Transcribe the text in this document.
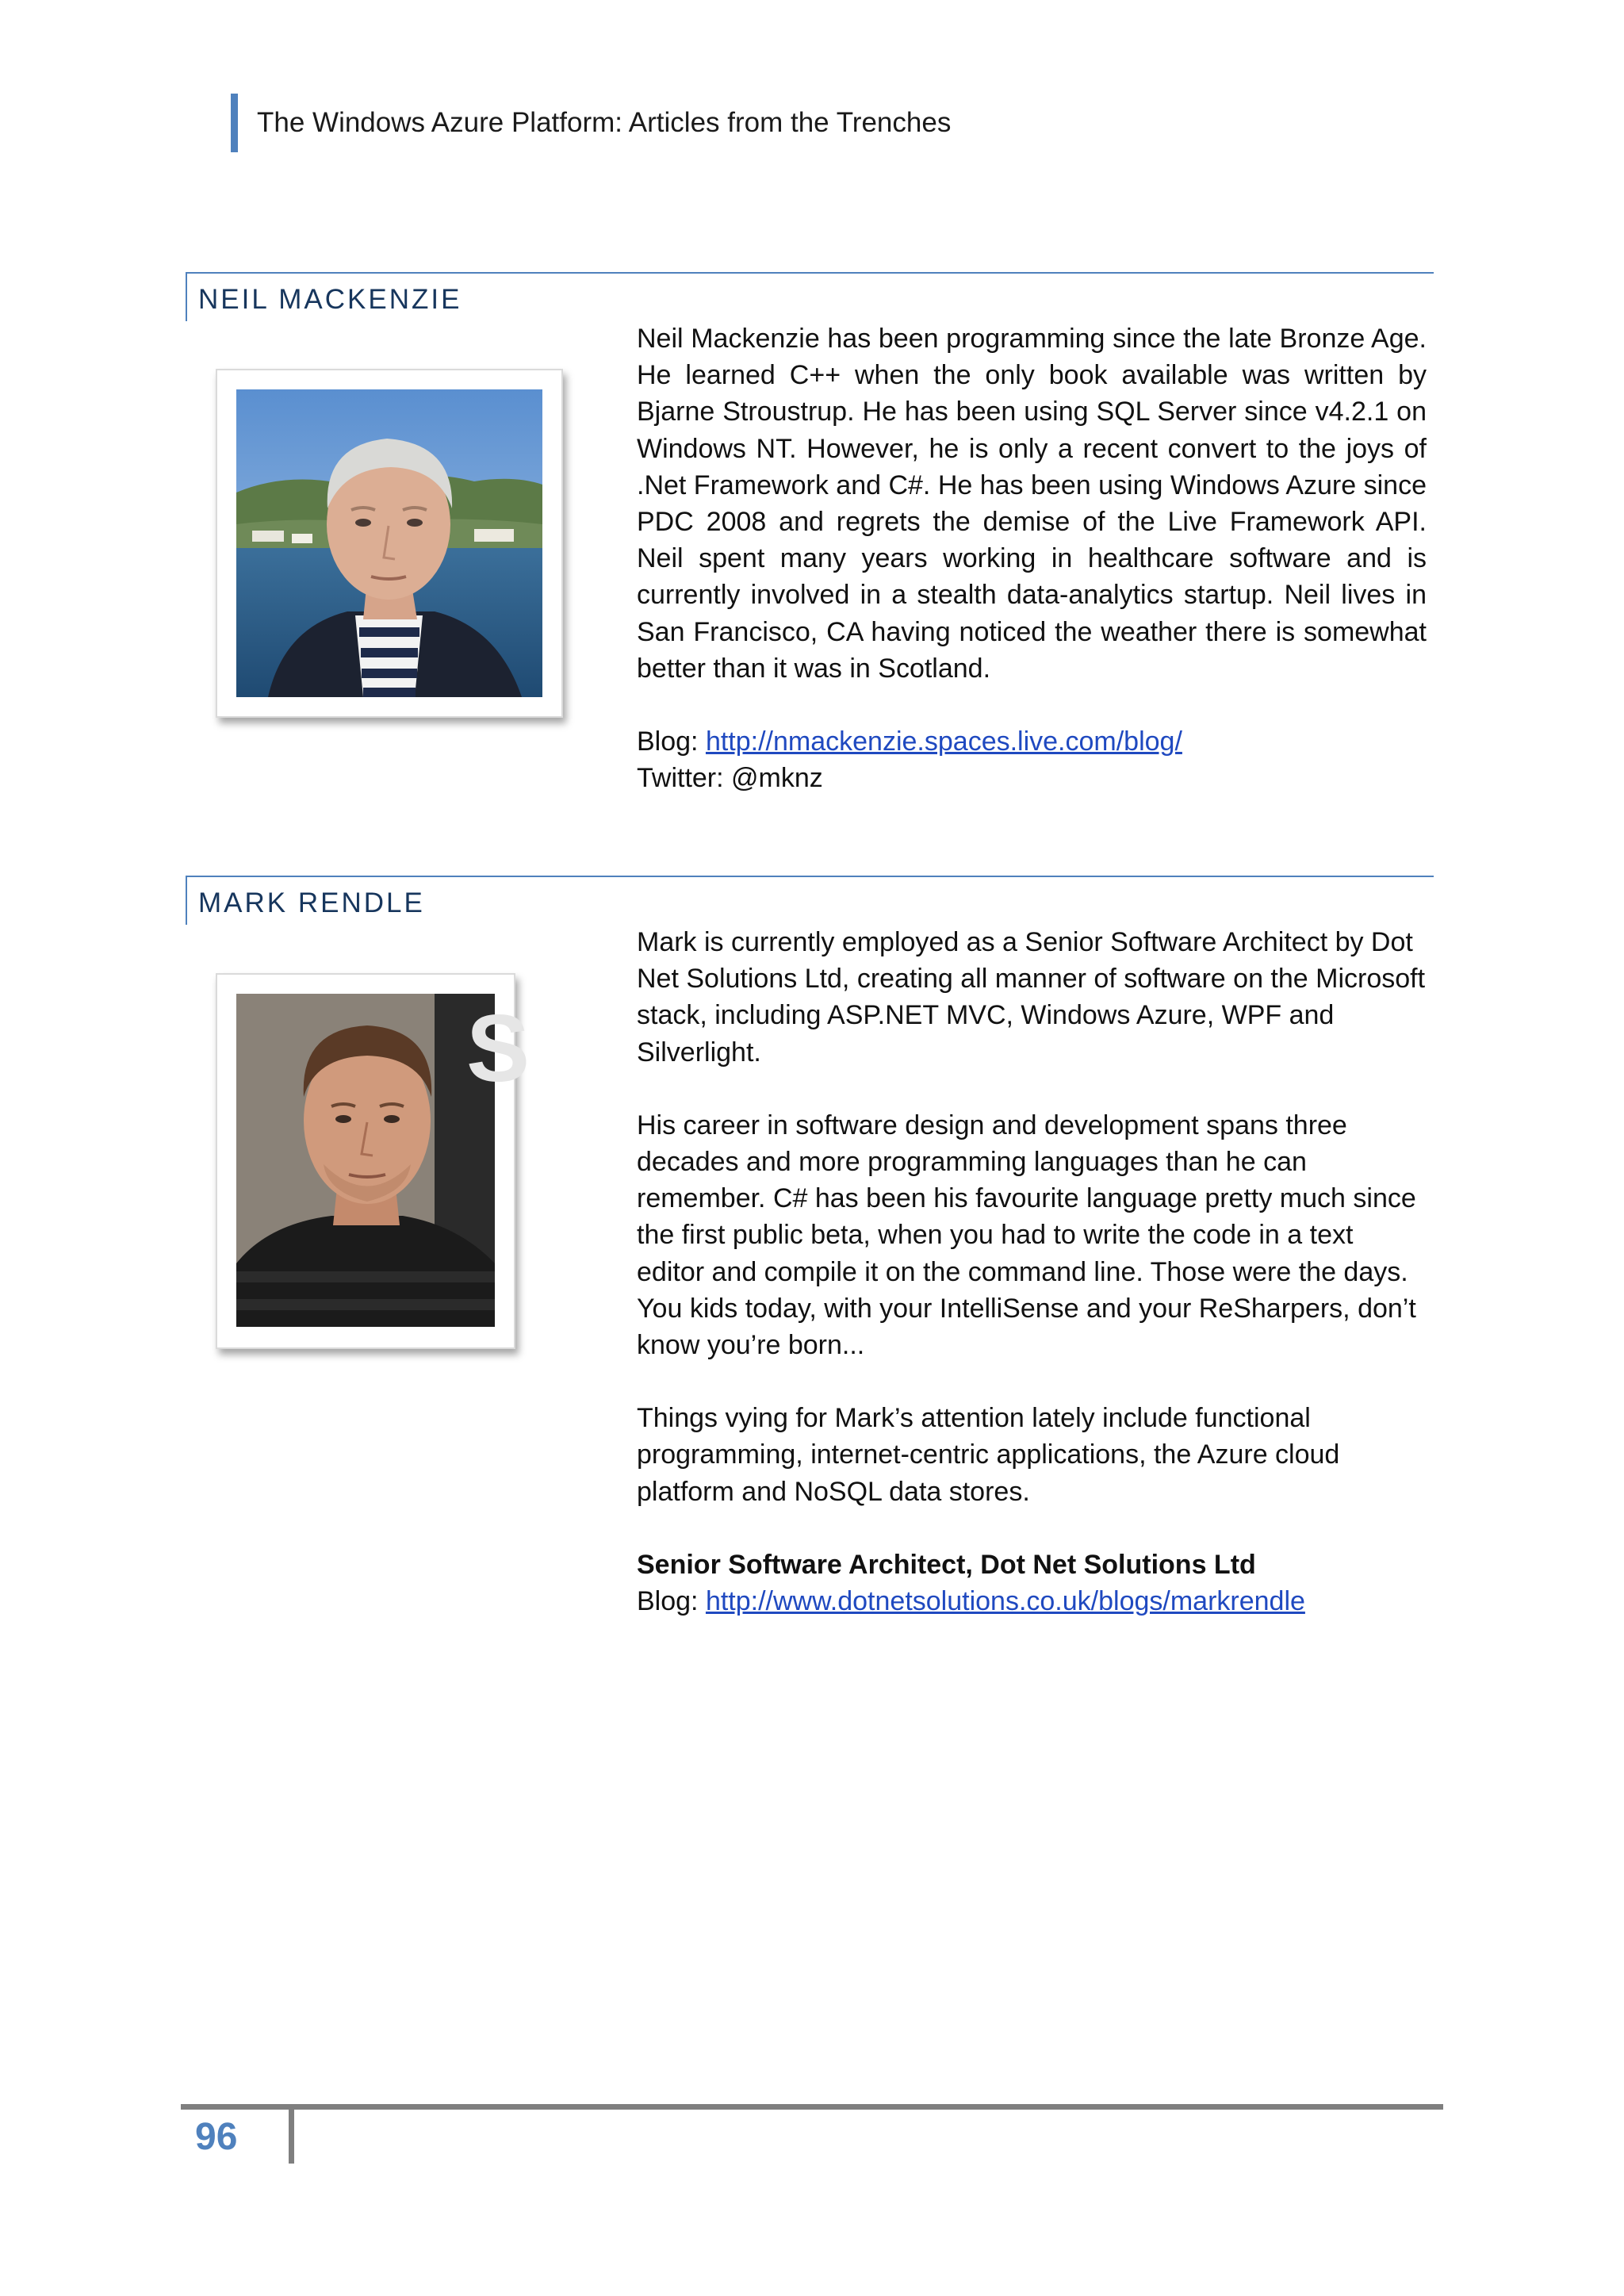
The Windows Azure Platform: Articles from the Trenches
NEIL MACKENZIE

Neil Mackenzie has been programming since the late Bronze Age. He learned C++ when the only book available was written by Bjarne Stroustrup. He has been using SQL Server since v4.2.1 on Windows NT. However, he is only a recent convert to the joys of .Net Framework and C#. He has been using Windows Azure since PDC 2008 and regrets the demise of the Live Framework API. Neil spent many years working in healthcare software and is currently involved in a stealth data-analytics startup. Neil lives in San Francisco, CA having noticed the weather there is somewhat better than it was in Scotland.

Blog: http://nmackenzie.spaces.live.com/blog/

Twitter: @mknz

MARK RENDLE
S

Mark is currently employed as a Senior Software Architect by Dot Net Solutions Ltd, creating all manner of software on the Microsoft stack, including ASP.NET MVC, Windows Azure, WPF and Silverlight.

His career in software design and development spans three decades and more programming languages than he can remember. C# has been his favourite language pretty much since the first public beta, when you had to write the code in a text editor and compile it on the command line. Those were the days. You kids today, with your IntelliSense and your ReSharpers, don’t know you’re born...

Things vying for Mark’s attention lately include functional programming, internet-centric applications, the Azure cloud platform and NoSQL data stores.

Senior Software Architect, Dot Net Solutions Ltd

Blog: http://www.dotnetsolutions.co.uk/blogs/markrendle

96
